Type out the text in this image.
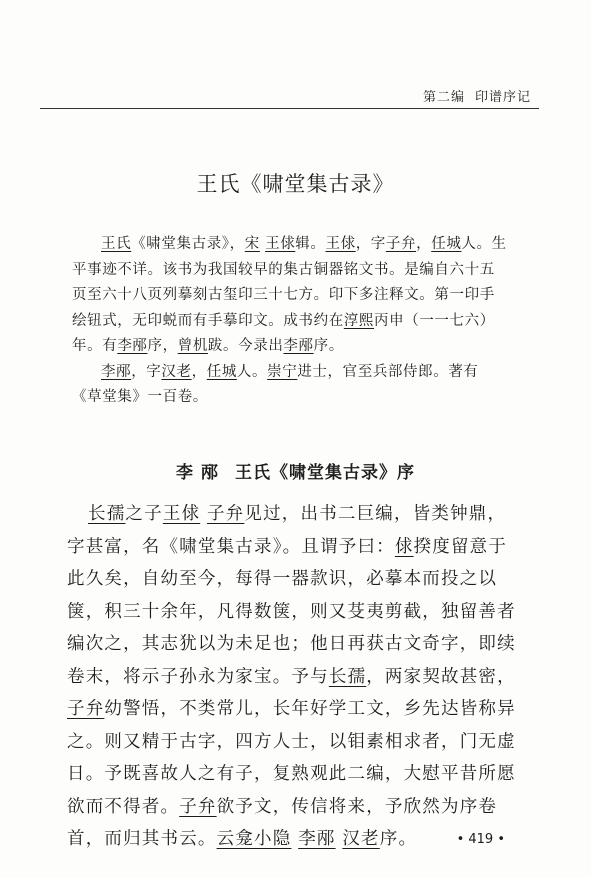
第二编 印谱序记
王氏《啸堂集古录》

王氏《啸堂集古录》，宋 王俅辑。王俅，字子弁，任城人。生平事迹不详。该书为我国较早的集古铜器铭文书。是编自六十五页至六十八页列摹刻古玺印三十七方。印下多注释文。第一印手绘钮式，无印蜕而有手摹印文。成书约在淳熙丙申（一一七六）年。有李邴序，曾机跋。今录出李邴序。

李邴，字汉老，任城人。崇宁进士，官至兵部侍郎。著有《草堂集》一百卷。

李 邴 王氏《啸堂集古录》序

长孺之子王俅 子弁见过，出书二巨编，皆类钟鼎，字甚富，名《啸堂集古录》。且谓予曰：俅揆度留意于此久矣，自幼至今，每得一器款识，必摹本而投之以箧，积三十余年，凡得数箧，则又芟夷剪截，独留善者编次之，其志犹以为未足也；他日再获古文奇字，即续卷末，将示子孙永为家宝。予与长孺，两家契故甚密，子弁幼警悟，不类常儿，长年好学工文，乡先达皆称异之。则又精于古字，四方人士，以钼素相求者，门无虚日。予既喜故人之有子，复熟观此二编，大慰平昔所愿欲而不得者。子弁欲予文，传信将来，予欣然为序卷首，而归其书云。云龛小隐 李邴 汉老序。	• 419 •
